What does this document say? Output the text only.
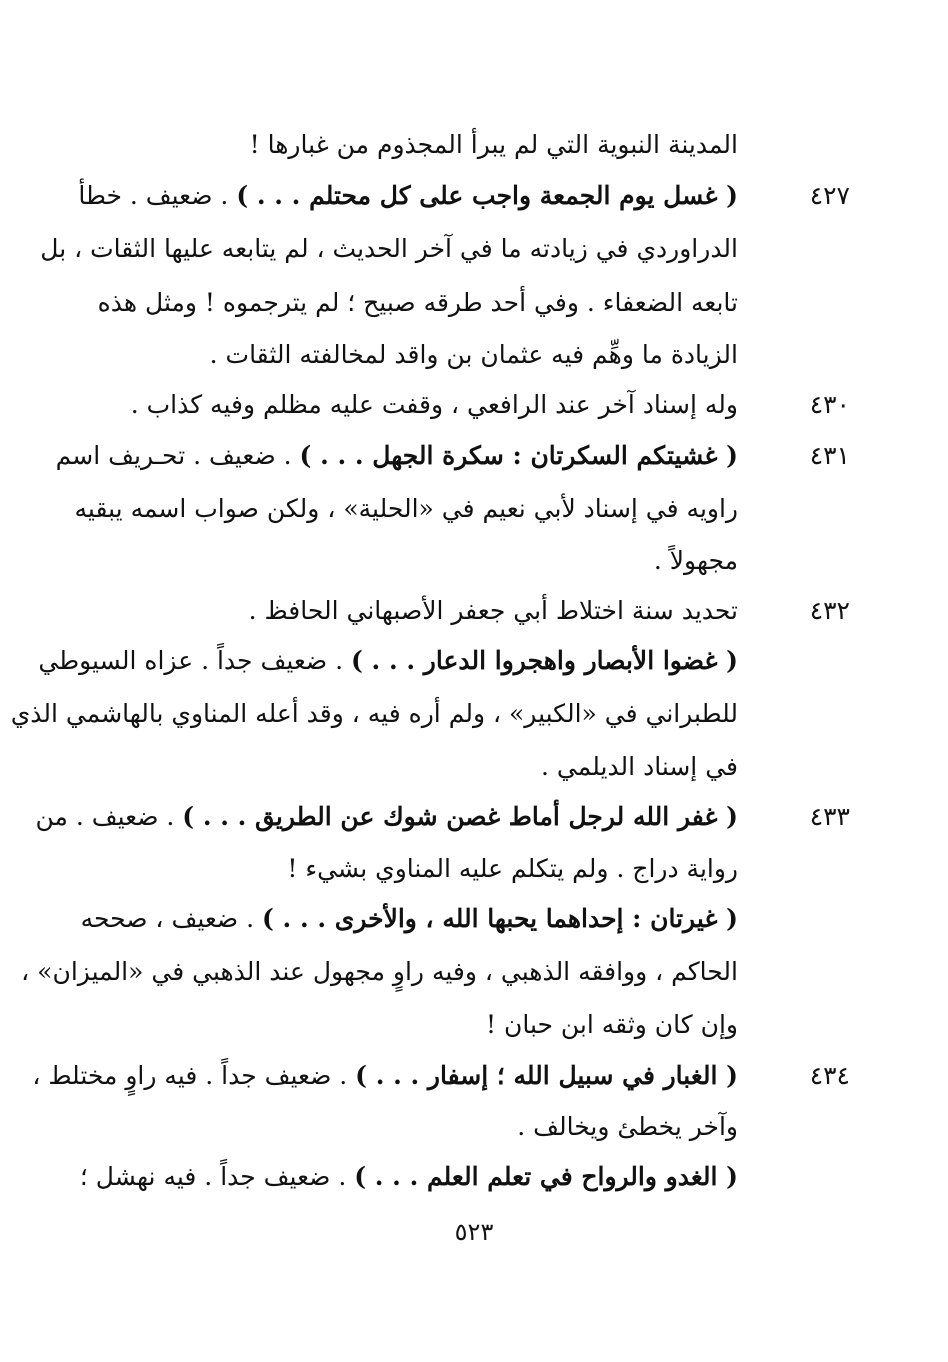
المدينة النبوية التي لم يبرأ المجذوم من غبارها !
٤٢٧
( غسل يوم الجمعة واجب على كل محتلم . . . ) . ضعيف . خطأ
الدراوردي في زيادته ما في آخر الحديث ، لم يتابعه عليها الثقات ، بل
تابعه الضعفاء . وفي أحد طرقه صبيح ؛ لم يترجموه ! ومثل هذه
الزيادة ما وهِّم فيه عثمان بن واقد لمخالفته الثقات .
٤٣٠
وله إسناد آخر عند الرافعي ، وقفت عليه مظلم وفيه كذاب .
٤٣١
( غشيتكم السكرتان : سكرة الجهل . . . ) . ضعيف . تحـريف اسم
راويه في إسناد لأبي نعيم في «الحلية» ، ولكن صواب اسمه يبقيه
مجهولاً .
٤٣٢
تحديد سنة اختلاط أبي جعفر الأصبهاني الحافظ .
( غضوا الأبصار واهجروا الدعار . . . ) . ضعيف جداً . عزاه السيوطي
للطبراني في «الكبير» ، ولم أره فيه ، وقد أعله المناوي بالهاشمي الذي
في إسناد الديلمي .
٤٣٣
( غفر الله لرجل أماط غصن شوك عن الطريق . . . ) . ضعيف . من
رواية دراج . ولم يتكلم عليه المناوي بشيء !
( غيرتان : إحداهما يحبها الله ، والأخرى . . . ) . ضعيف ، صححه
الحاكم ، ووافقه الذهبي ، وفيه راوٍ مجهول عند الذهبي في «الميزان» ،
وإن كان وثقه ابن حبان !
٤٣٤
( الغبار في سبيل الله ؛ إسفار . . . ) . ضعيف جداً . فيه راوٍ مختلط ،
وآخر يخطئ ويخالف .
( الغدو والرواح في تعلم العلم . . . ) . ضعيف جداً . فيه نهشل ؛
٥٢٣
